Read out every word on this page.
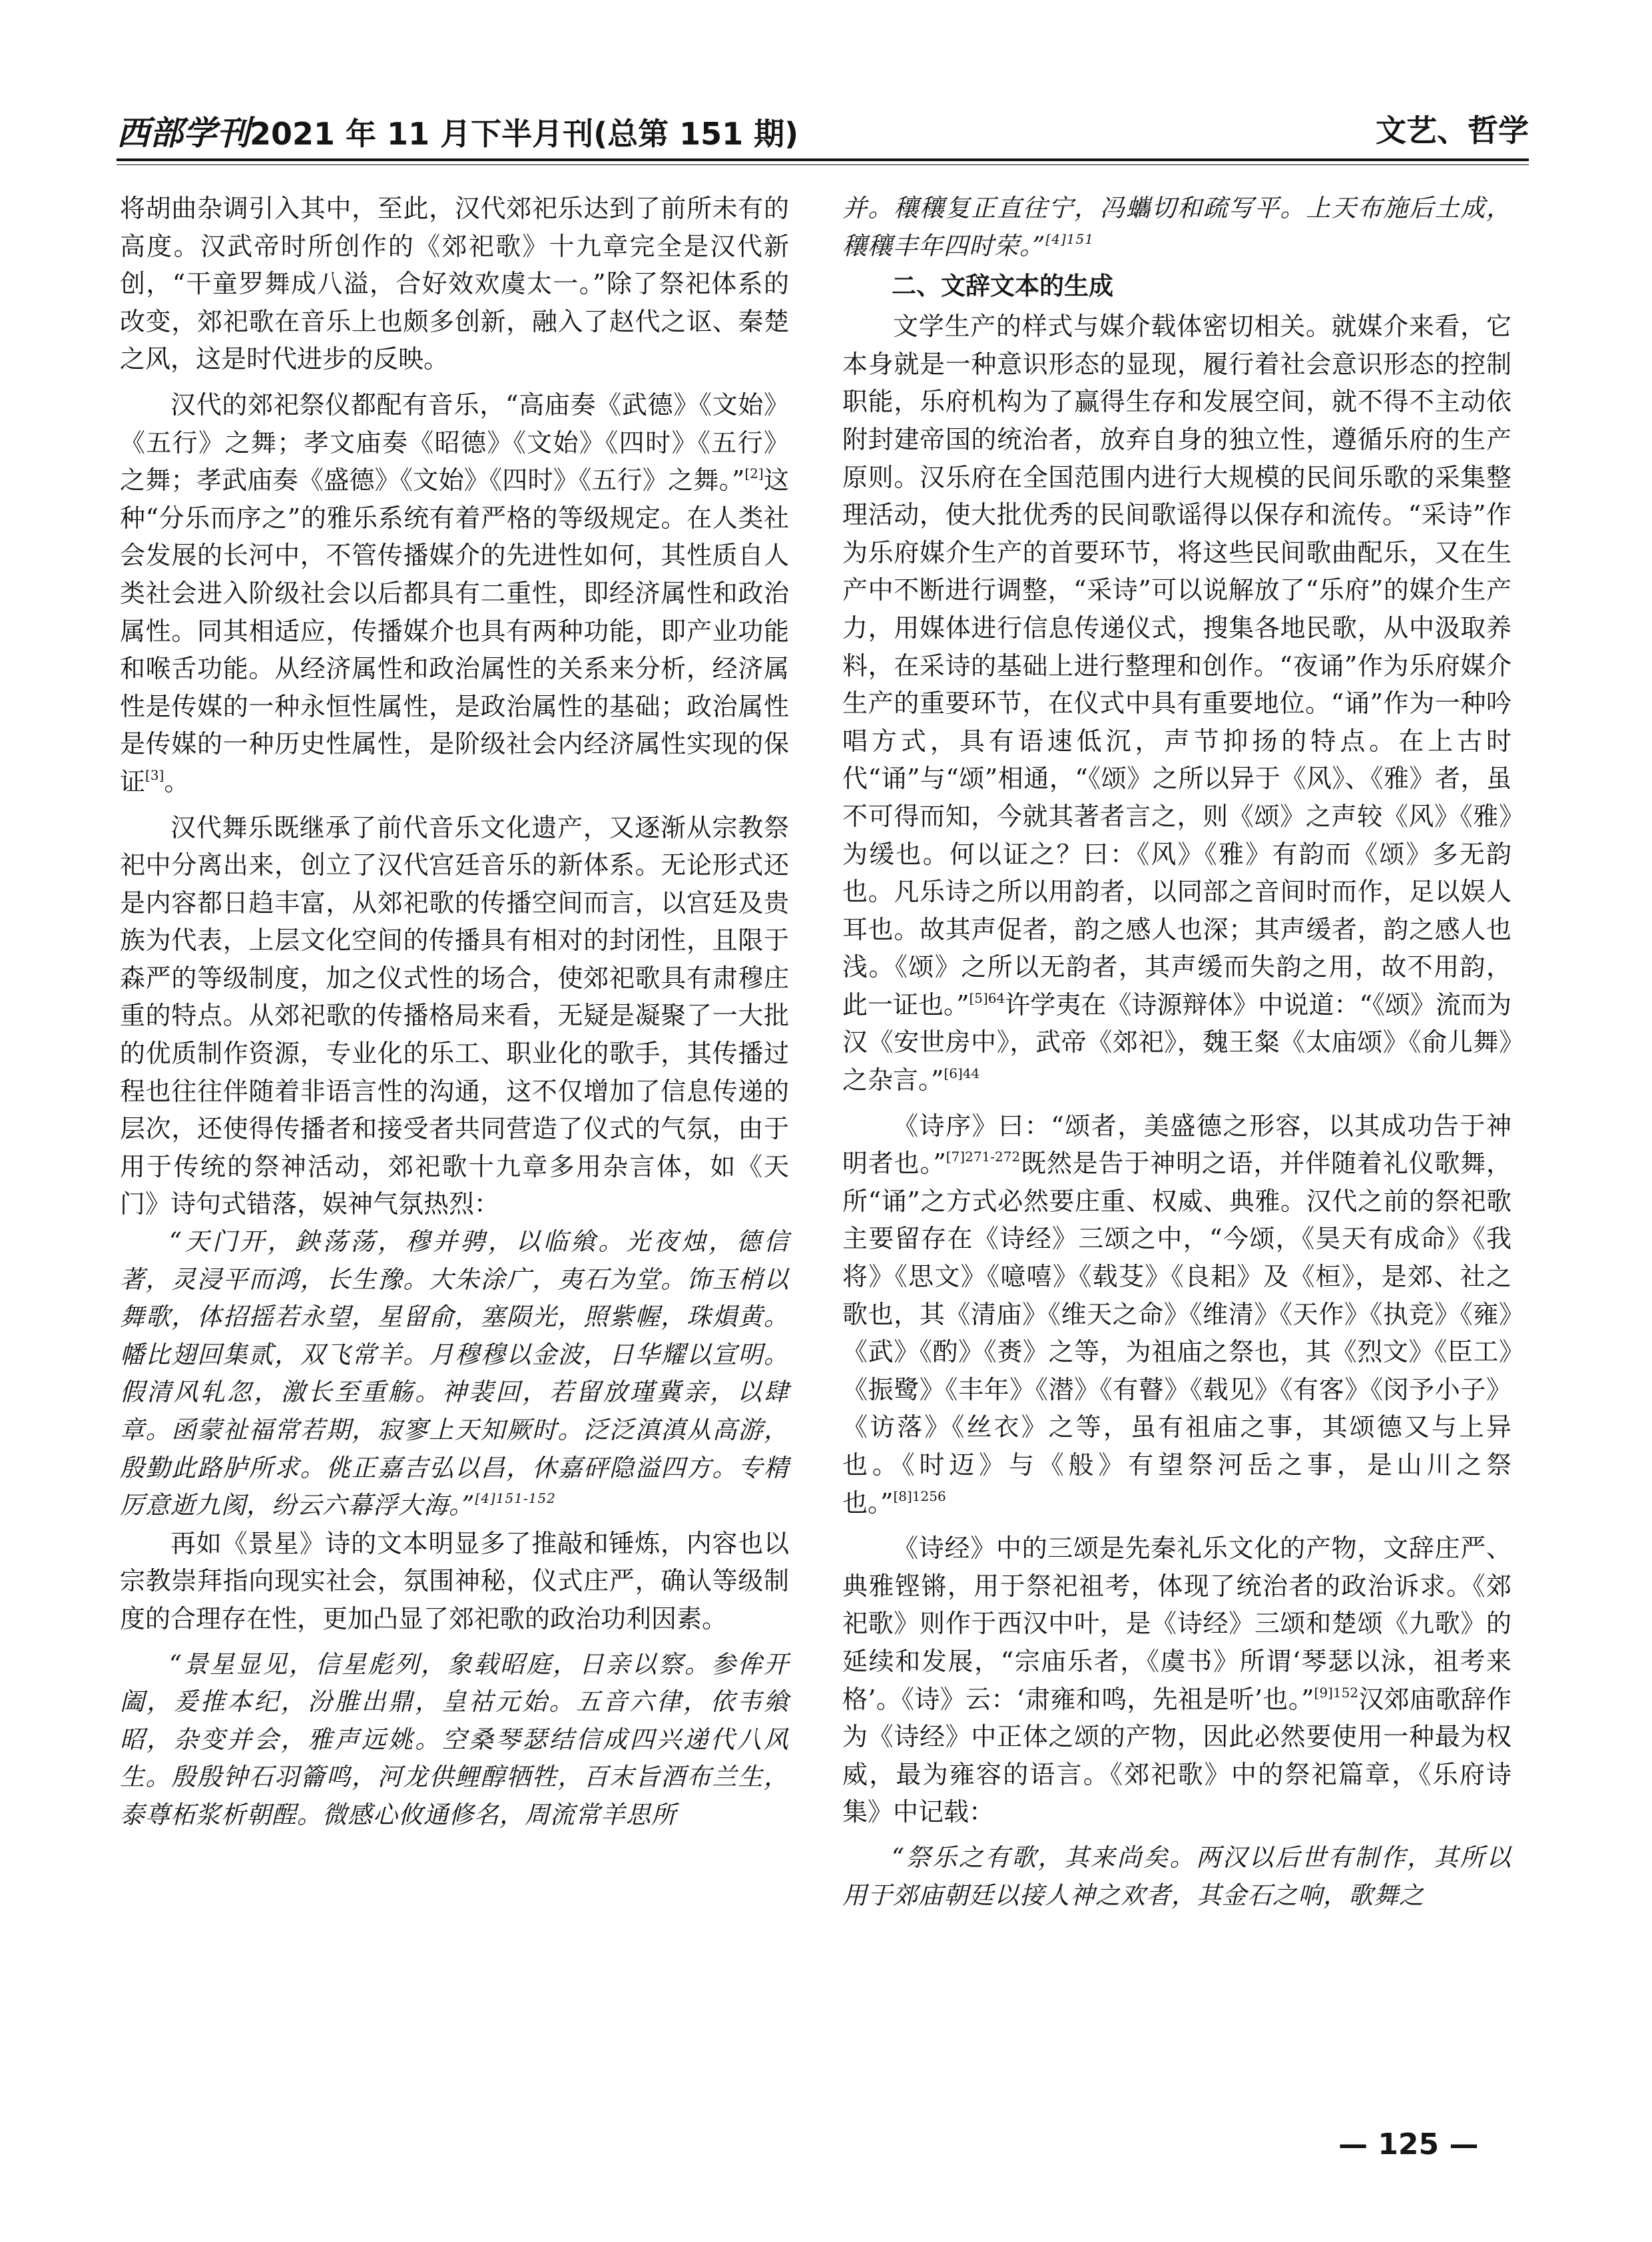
西部学刊2021 年 11 月下半月刊(总第 151 期)	文艺、哲学

将胡曲杂调引入其中，至此，汉代郊祀乐达到了前所未有的高度。汉武帝时所创作的《郊祀歌》十九章完全是汉代新创，“干童罗舞成八溢，合好效欢虞太一。”除了祭祀体系的改变，郊祀歌在音乐上也颇多创新，融入了赵代之讴、秦楚之风，这是时代进步的反映。

汉代的郊祀祭仪都配有音乐，“高庙奏《武德》《文始》《五行》之舞；孝文庙奏《昭德》《文始》《四时》《五行》之舞；孝武庙奏《盛德》《文始》《四时》《五行》之舞。”[2]这种“分乐而序之”的雅乐系统有着严格的等级规定。在人类社会发展的长河中，不管传播媒介的先进性如何，其性质自人类社会进入阶级社会以后都具有二重性，即经济属性和政治属性。同其相适应，传播媒介也具有两种功能，即产业功能和喉舌功能。从经济属性和政治属性的关系来分析，经济属性是传媒的一种永恒性属性，是政治属性的基础；政治属性是传媒的一种历史性属性，是阶级社会内经济属性实现的保证[3]。

汉代舞乐既继承了前代音乐文化遗产，又逐渐从宗教祭祀中分离出来，创立了汉代宫廷音乐的新体系。无论形式还是内容都日趋丰富，从郊祀歌的传播空间而言，以宫廷及贵族为代表，上层文化空间的传播具有相对的封闭性，且限于森严的等级制度，加之仪式性的场合，使郊祀歌具有肃穆庄重的特点。从郊祀歌的传播格局来看，无疑是凝聚了一大批的优质制作资源，专业化的乐工、职业化的歌手，其传播过程也往往伴随着非语言性的沟通，这不仅增加了信息传递的层次，还使得传播者和接受者共同营造了仪式的气氛，由于用于传统的祭神活动，郊祀歌十九章多用杂言体，如《天门》诗句式错落，娱神气氛热烈：

“天门开，鉠荡荡，穆并骋，以临飨。光夜烛，德信著，灵浸平而鸿，长生豫。大朱涂广，夷石为堂。饰玉梢以舞歌，体招摇若永望，星留俞，塞陨光，照紫幄，珠熉黄。幡比翅回集贰，双飞常羊。月穆穆以金波，日华耀以宣明。假清风轧忽，激长至重觞。神裴回，若留放瑾冀亲，以肆章。函蒙祉福常若期，寂寥上天知厥时。泛泛滇滇从高游，殷勤此路胪所求。佻正嘉吉弘以昌，休嘉砰隐溢四方。专精厉意逝九阂，纷云六幕浮大海。”$^{[4]151-152}$

再如《景星》诗的文本明显多了推敲和锤炼，内容也以宗教崇拜指向现实社会，氛围神秘，仪式庄严，确认等级制度的合理存在性，更加凸显了郊祀歌的政治功利因素。

“景星显见，信星彪列，象载昭庭，日亲以察。参侔开阖，爰推本纪，汾脽出鼎，皇祜元始。五音六律，依韦飨昭，杂变并会，雅声远姚。空桑琴瑟结信成四兴递代八风生。殷殷钟石羽籥鸣，河龙供鲤醇牺牲，百末旨酒布兰生，泰尊柘浆析朝酲。微感心攸通修名，周流常羊思所

并。穰穰复正直往宁，冯蠵切和疏写平。上天布施后土成，穰穰丰年四时荣。”$^{[4]151}$

二、文辞文本的生成

文学生产的样式与媒介载体密切相关。就媒介来看，它本身就是一种意识形态的显现，履行着社会意识形态的控制职能，乐府机构为了赢得生存和发展空间，就不得不主动依附封建帝国的统治者，放弃自身的独立性，遵循乐府的生产原则。汉乐府在全国范围内进行大规模的民间乐歌的采集整理活动，使大批优秀的民间歌谣得以保存和流传。“采诗”作为乐府媒介生产的首要环节，将这些民间歌曲配乐，又在生产中不断进行调整，“采诗”可以说解放了“乐府”的媒介生产力，用媒体进行信息传递仪式，搜集各地民歌，从中汲取养料，在采诗的基础上进行整理和创作。“夜诵”作为乐府媒介生产的重要环节，在仪式中具有重要地位。“诵”作为一种吟唱方式，具有语速低沉，声节抑扬的特点。在上古时代“诵”与“颂”相通，“《颂》之所以异于《风》、《雅》者，虽不可得而知，今就其著者言之，则《颂》之声较《风》《雅》为缓也。何以证之？曰：《风》《雅》有韵而《颂》多无韵也。凡乐诗之所以用韵者，以同部之音间时而作，足以娱人耳也。故其声促者，韵之感人也深；其声缓者，韵之感人也浅。《颂》之所以无韵者，其声缓而失韵之用，故不用韵，此一证也。”$^{[5]64}$许学夷在《诗源辩体》中说道：“《颂》流而为汉《安世房中》，武帝《郊祀》，魏王粲《太庙颂》《俞儿舞》之杂言。”$^{[6]44}$

《诗序》曰：“颂者，美盛德之形容，以其成功告于神明者也。”$^{[7]271-272}$既然是告于神明之语，并伴随着礼仪歌舞，所“诵”之方式必然要庄重、权威、典雅。汉代之前的祭祀歌主要留存在《诗经》三颂之中，“今颂，《昊天有成命》《我将》《思文》《噫嘻》《载芟》《良耜》及《桓》，是郊、社之歌也，其《清庙》《维天之命》《维清》《天作》《执竞》《雍》《武》《酌》《赉》之等，为祖庙之祭也，其《烈文》《臣工》《振鹭》《丰年》《潜》《有瞽》《载见》《有客》《闵予小子》《访落》《丝衣》之等，虽有祖庙之事，其颂德又与上异也。《时迈》与《般》有望祭河岳之事，是山川之祭也。”$^{[8]1256}$

《诗经》中的三颂是先秦礼乐文化的产物，文辞庄严、典雅铿锵，用于祭祀祖考，体现了统治者的政治诉求。《郊祀歌》则作于西汉中叶，是《诗经》三颂和楚颂《九歌》的延续和发展，“宗庙乐者，《虞书》所谓‘琴瑟以泳，祖考来格’。《诗》云：‘肃雍和鸣，先祖是听’也。”$^{[9]152}$汉郊庙歌辞作为《诗经》中正体之颂的产物，因此必然要使用一种最为权威，最为雍容的语言。《郊祀歌》中的祭祀篇章，《乐府诗集》中记载：

“祭乐之有歌，其来尚矣。两汉以后世有制作，其所以用于郊庙朝廷以接人神之欢者，其金石之响，歌舞之

— 125 —
